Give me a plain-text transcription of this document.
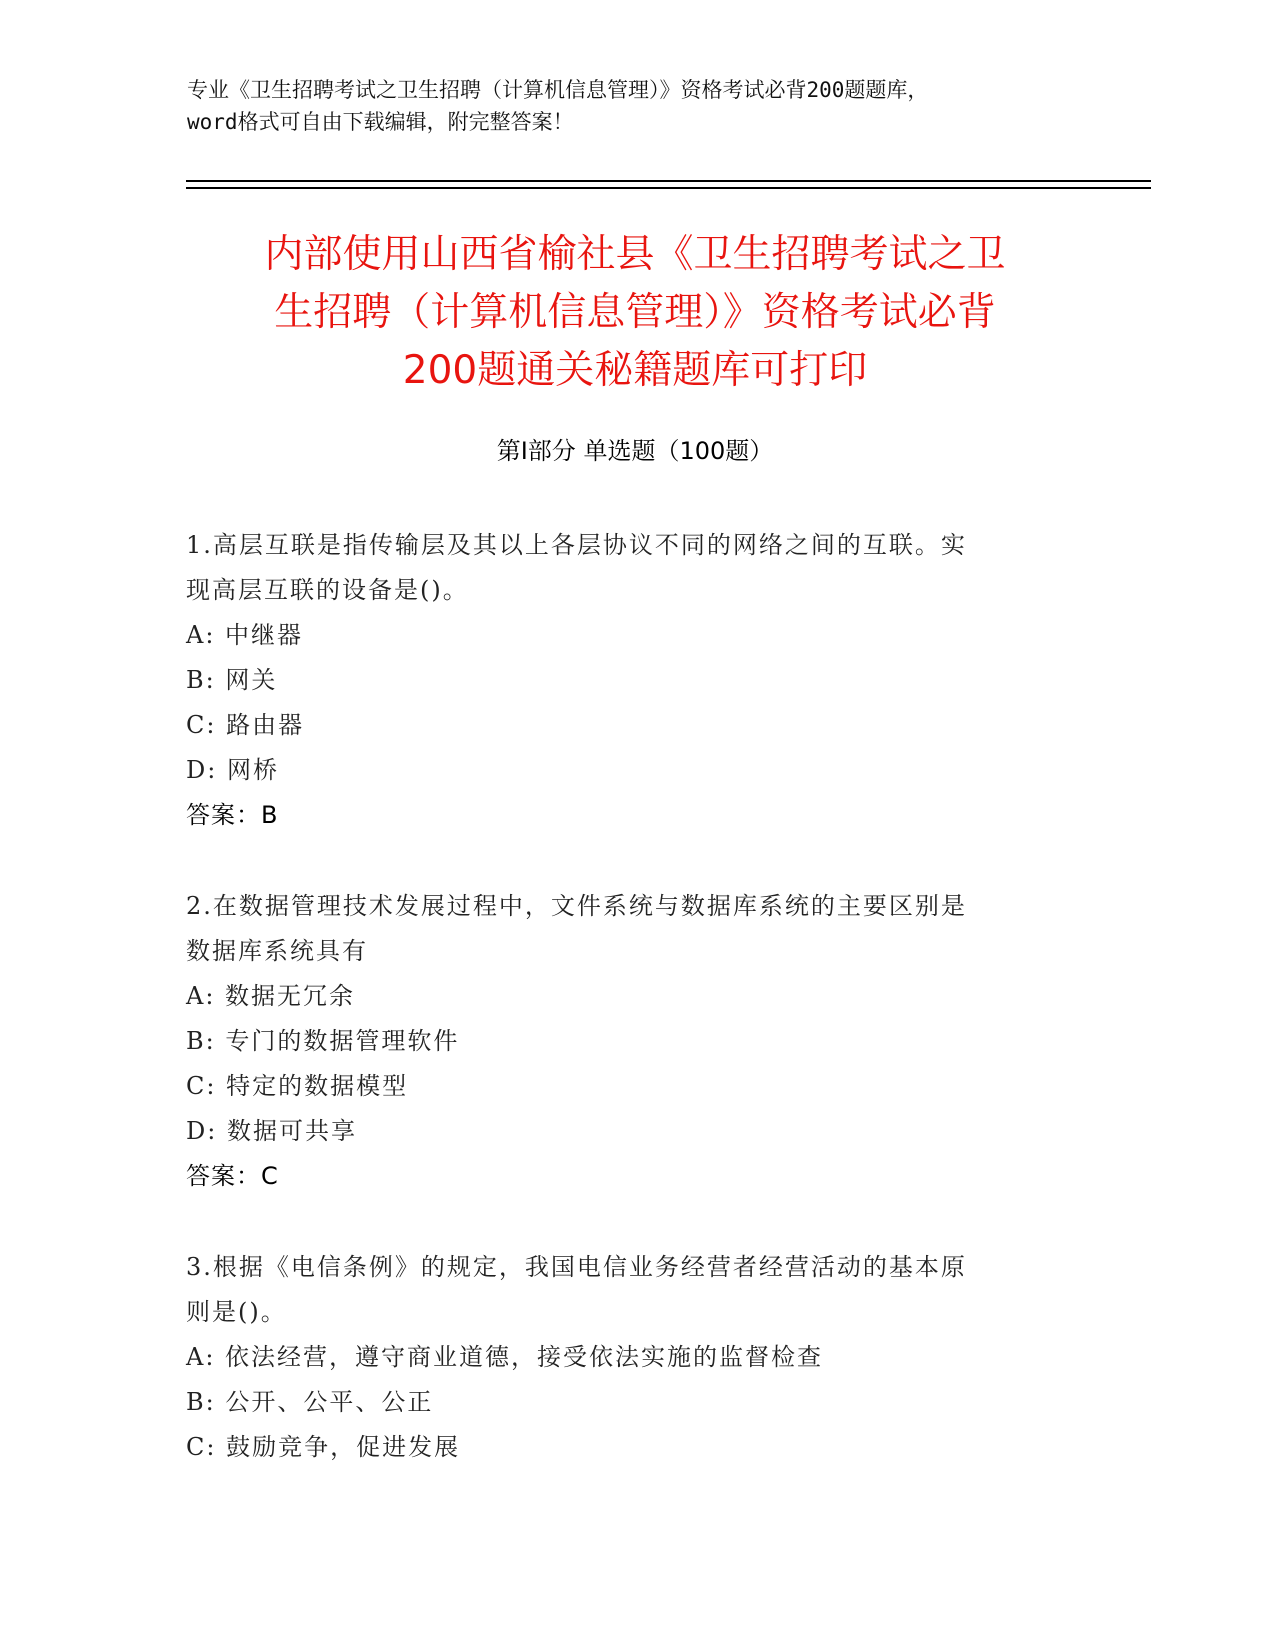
专业《卫生招聘考试之卫生招聘（计算机信息管理）》资格考试必背200题题库，
word格式可自由下载编辑，附完整答案！
内部使用山西省榆社县《卫生招聘考试之卫
生招聘（计算机信息管理）》资格考试必背
200题通关秘籍题库可打印
第Ⅰ部分 单选题（100题）
1.高层互联是指传输层及其以上各层协议不同的网络之间的互联。实
现高层互联的设备是()。
A: 中继器
B: 网关
C: 路由器
D: 网桥
答案：B
2.在数据管理技术发展过程中，文件系统与数据库系统的主要区别是
数据库系统具有
A: 数据无冗余
B: 专门的数据管理软件
C: 特定的数据模型
D: 数据可共享
答案：C
3.根据《电信条例》的规定，我国电信业务经营者经营活动的基本原
则是()。
A: 依法经营，遵守商业道德，接受依法实施的监督检查
B: 公开、公平、公正
C: 鼓励竞争，促进发展
